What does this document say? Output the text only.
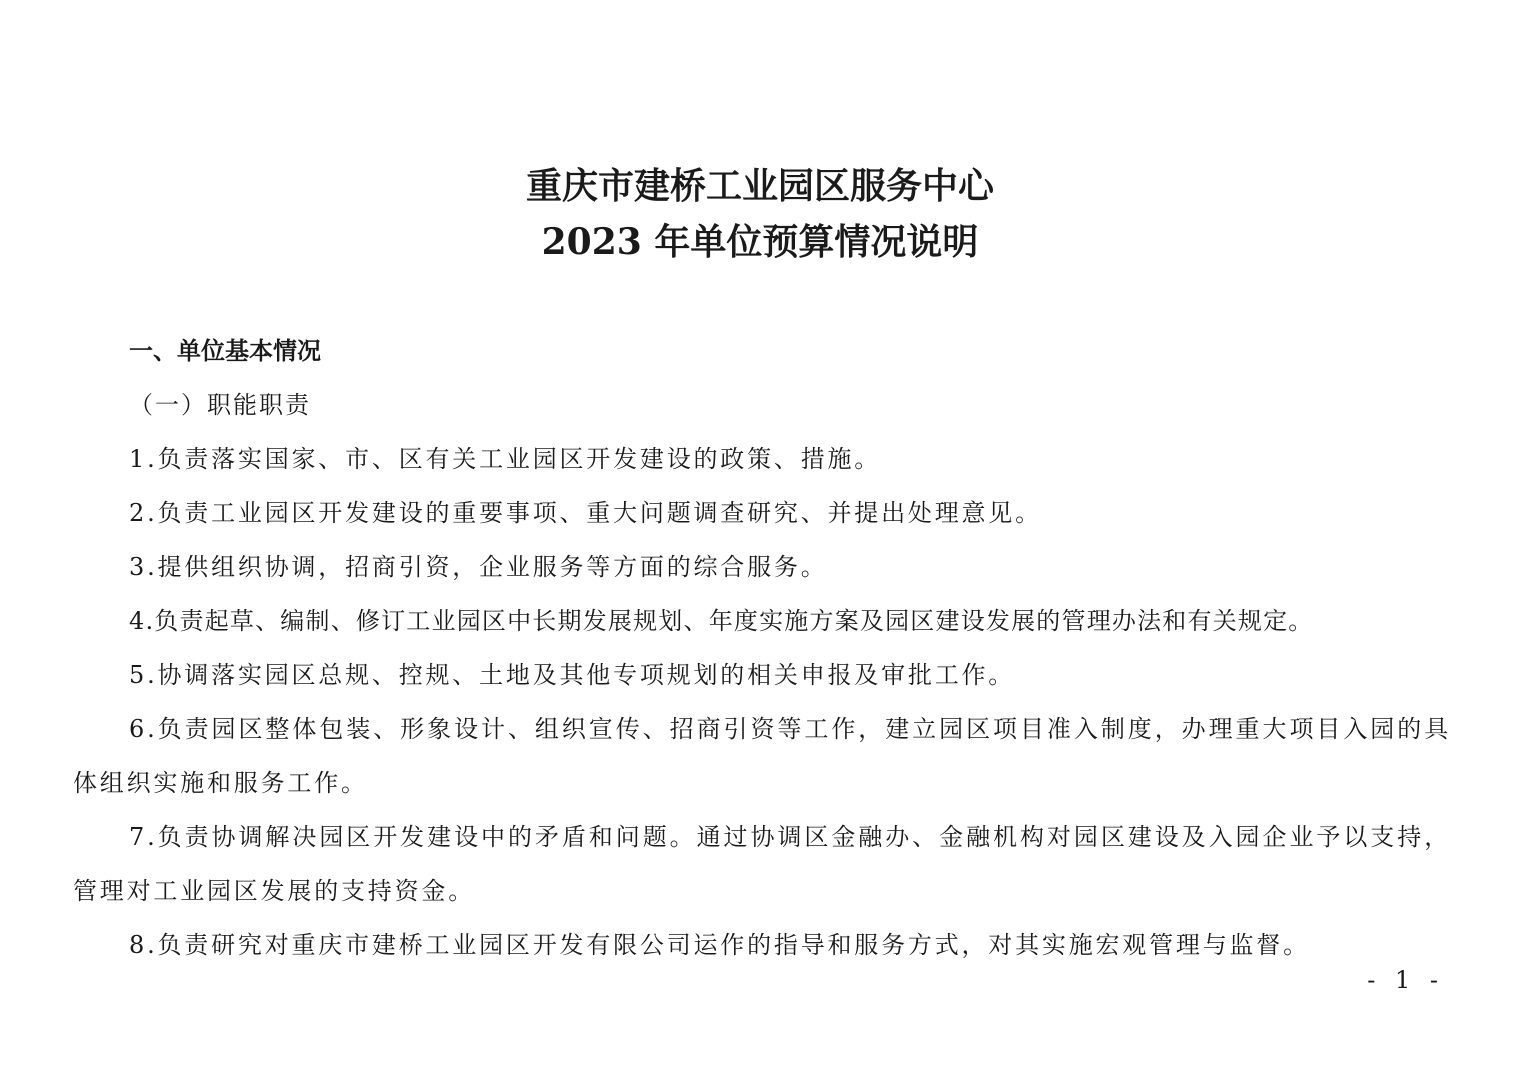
重庆市建桥工业园区服务中心
2023 年单位预算情况说明
一、单位基本情况
（一）职能职责
1.负责落实国家、市、区有关工业园区开发建设的政策、措施。
2.负责工业园区开发建设的重要事项、重大问题调查研究、并提出处理意见。
3.提供组织协调，招商引资，企业服务等方面的综合服务。
4.负责起草、编制、修订工业园区中长期发展规划、年度实施方案及园区建设发展的管理办法和有关规定。
5.协调落实园区总规、控规、土地及其他专项规划的相关申报及审批工作。
6.负责园区整体包装、形象设计、组织宣传、招商引资等工作，建立园区项目准入制度，办理重大项目入园的具体组织实施和服务工作。
7.负责协调解决园区开发建设中的矛盾和问题。通过协调区金融办、金融机构对园区建设及入园企业予以支持，管理对工业园区发展的支持资金。
8.负责研究对重庆市建桥工业园区开发有限公司运作的指导和服务方式，对其实施宏观管理与监督。
- 1 -
